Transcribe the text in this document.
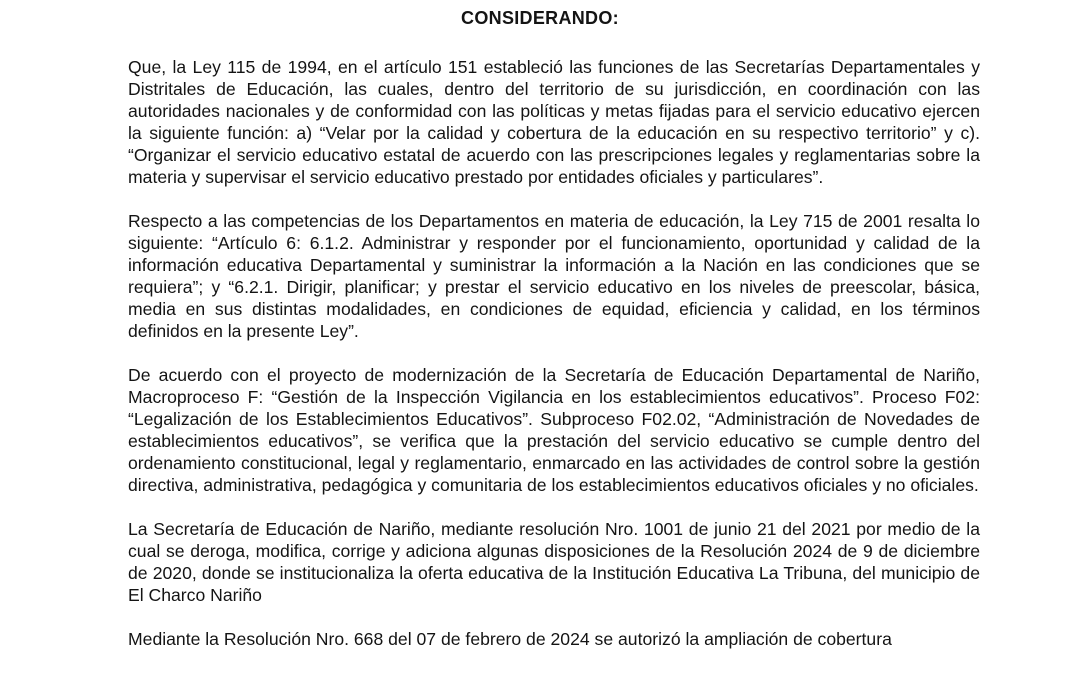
CONSIDERANDO:

Que, la Ley 115 de 1994, en el artículo 151 estableció las funciones de las Secretarías Departamentales y Distritales de Educación, las cuales, dentro del territorio de su jurisdicción, en coordinación con las autoridades nacionales y de conformidad con las políticas y metas fijadas para el servicio educativo ejercen la siguiente función: a) “Velar por la calidad y cobertura de la educación en su respectivo territorio” y c). “Organizar el servicio educativo estatal de acuerdo con las prescripciones legales y reglamentarias sobre la materia y supervisar el servicio educativo prestado por entidades oficiales y particulares”.

Respecto a las competencias de los Departamentos en materia de educación, la Ley 715 de 2001 resalta lo siguiente: “Artículo 6: 6.1.2. Administrar y responder por el funcionamiento, oportunidad y calidad de la información educativa Departamental y suministrar la información a la Nación en las condiciones que se requiera”; y “6.2.1. Dirigir, planificar; y prestar el servicio educativo en los niveles de preescolar, básica, media en sus distintas modalidades, en condiciones de equidad, eficiencia y calidad, en los términos definidos en la presente Ley”.

De acuerdo con el proyecto de modernización de la Secretaría de Educación Departamental de Nariño, Macroproceso F: “Gestión de la Inspección Vigilancia en los establecimientos educativos”. Proceso F02: “Legalización de los Establecimientos Educativos”. Subproceso F02.02, “Administración de Novedades de establecimientos educativos”, se verifica que la prestación del servicio educativo se cumple dentro del ordenamiento constitucional, legal y reglamentario, enmarcado en las actividades de control sobre la gestión directiva, administrativa, pedagógica y comunitaria de los establecimientos educativos oficiales y no oficiales.

La Secretaría de Educación de Nariño, mediante resolución Nro. 1001 de junio 21 del 2021 por medio de la cual se deroga, modifica, corrige y adiciona algunas disposiciones de la Resolución 2024 de 9 de diciembre de 2020, donde se institucionaliza la oferta educativa de la Institución Educativa La Tribuna, del municipio de El Charco Nariño

Mediante la Resolución Nro. 668 del 07 de febrero de 2024 se autorizó la ampliación de cobertura
